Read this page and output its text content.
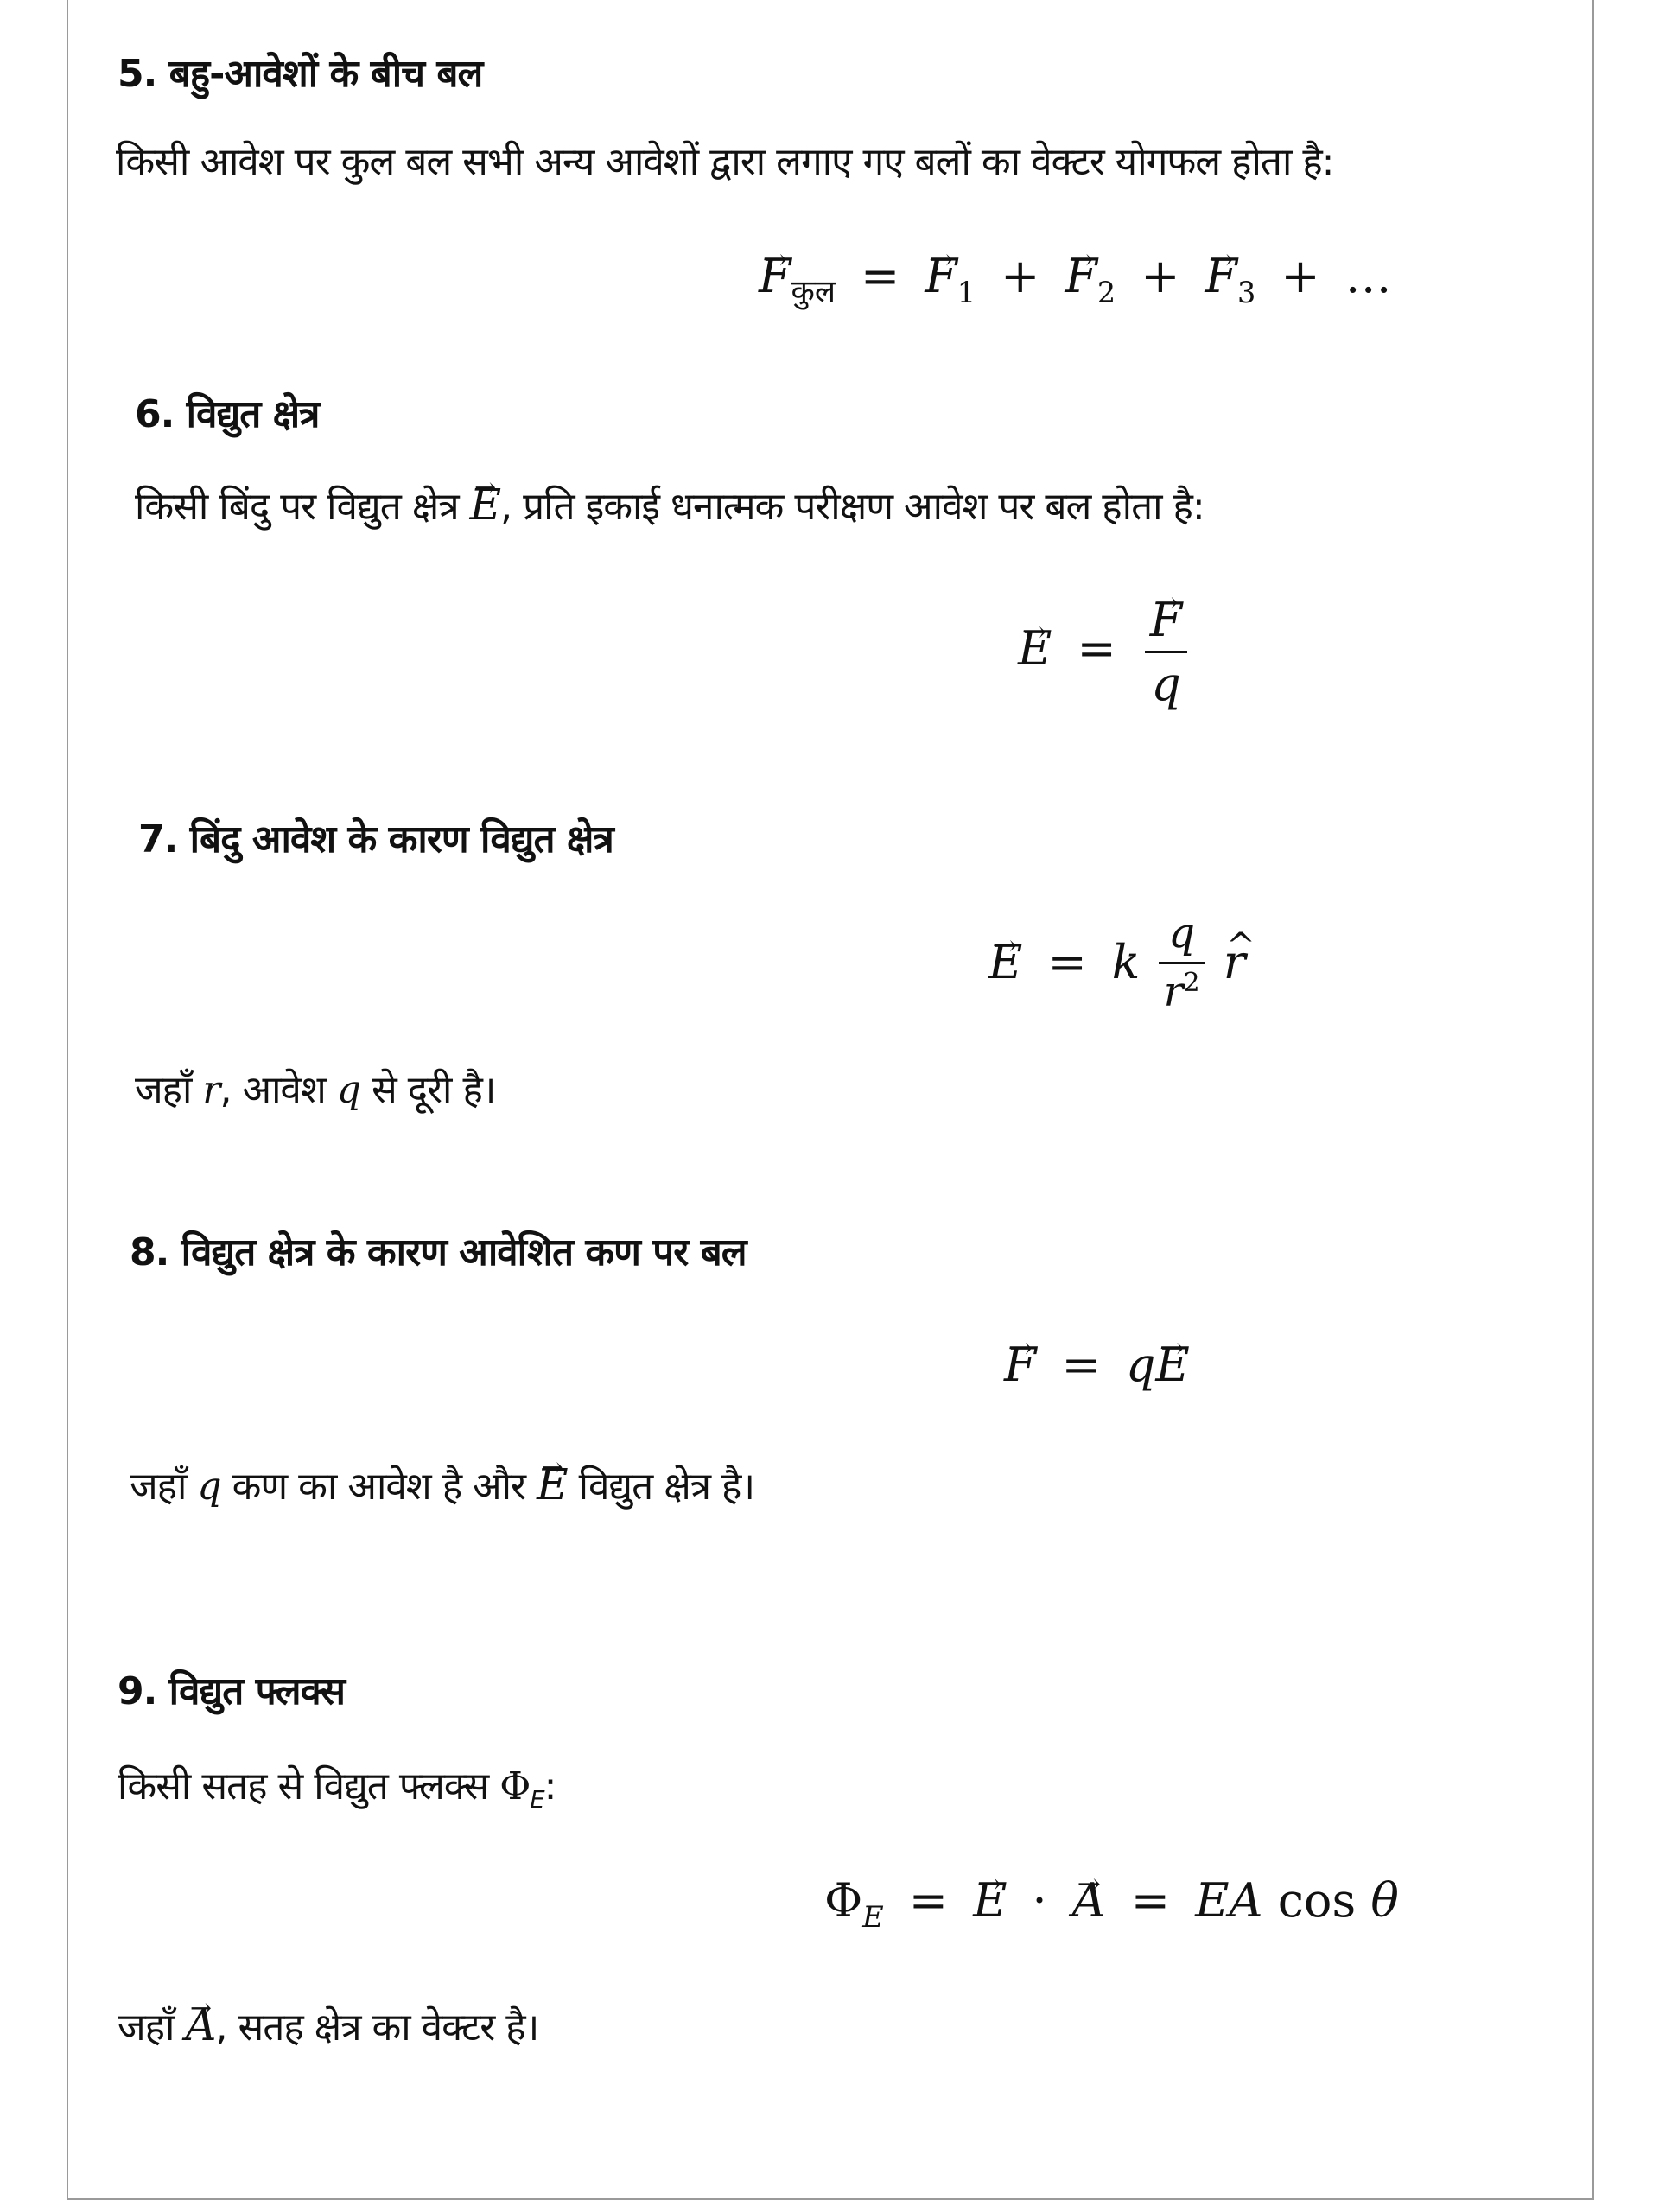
5. बहु-आवेशों के बीच बल
किसी आवेश पर कुल बल सभी अन्य आवेशों द्वारा लगाए गए बलों का वेक्टर योगफल होता है:
→ Fकुल = → $F_1$ + → $F_2$ + → $F_3$ + …
6. विद्युत क्षेत्र
किसी बिंदु पर विद्युत क्षेत्र → E, प्रति इकाई धनात्मक परीक्षण आवेश पर बल होता है:
→ E = → $\frac{F}{q}$
7. बिंदु आवेश के कारण विद्युत क्षेत्र
→ E = k $\frac{q}{r^2}$ ^ r
जहाँ r, आवेश q से दूरी है।
8. विद्युत क्षेत्र के कारण आवेशित कण पर बल
→ F = q→ E
जहाँ q कण का आवेश है और → E विद्युत क्षेत्र है।
9. विद्युत फ्लक्स
किसी सतह से विद्युत फ्लक्स $\Phi_E$:
$\Phi_E$ = → E · → A = EA cos θ
जहाँ → A, सतह क्षेत्र का वेक्टर है।
